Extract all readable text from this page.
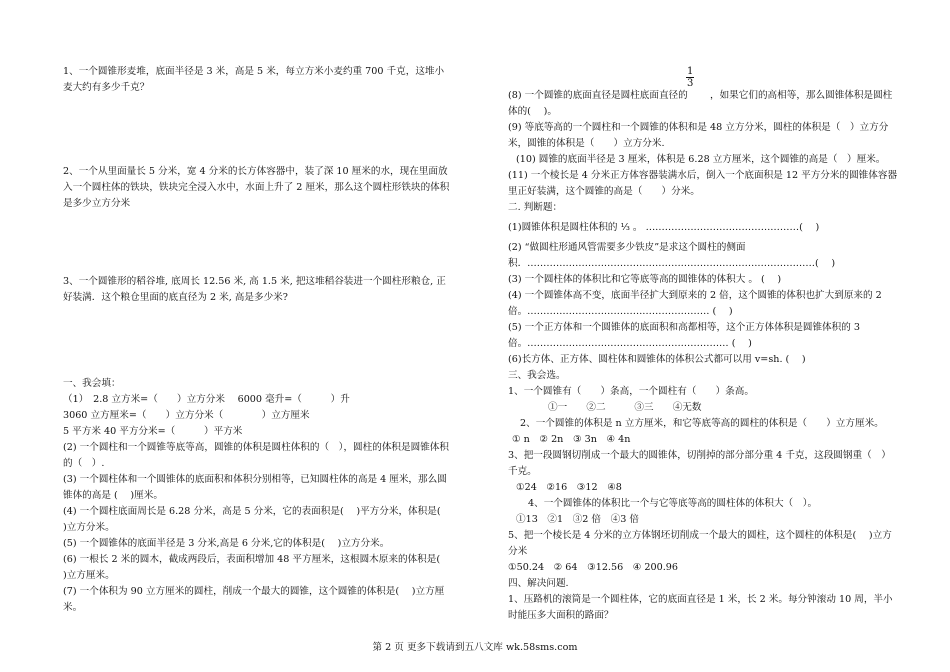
1、一个圆锥形麦堆，底面半径是 3 米，高是 5 米，每立方米小麦约重 700 千克，这堆小麦大约有多少千克？
2、一个从里面量长 5 分米，宽 4 分米的长方体容器中，装了深 10 厘米的水，现在里面放入一个圆柱体的铁块，铁块完全浸入水中，水面上升了 2 厘米，那么这个圆柱形铁块的体积是多少立方分米
3、一个圆锥形的稻谷堆, 底周长 12.56 米, 高 1.5 米, 把这堆稻谷装进一个圆柱形粮仓, 正好装满．这个粮仓里面的底直径为 2 米, 高是多少米?
一、我会填：
（1）　2.8 立方米=（　　）立方分米　 6000 毫升=（　　　）升
3060 立方厘米=（　　）立方分米（　　　　）立方厘米
5 平方米 40 平方分米=（　　　）平方米
(2) 一个圆柱和一个圆锥等底等高，圆锥的体积是圆柱体积的（　），圆柱的体积是圆锥体积的（　）.
(3) 一个圆柱体和一个圆锥体的底面积和体积分别相等，已知圆柱体的高是 4 厘米，那么圆锥体的高是 (　 )厘米。
(4) 一个圆柱底面周长是 6.28 分米，高是 5 分米，它的表面积是(　 )平方分米，体积是(　 )立方分米。
(5) 一个圆锥体的底面半径是 3 分米,高是 6 分米,它的体积是(　 )立方分米。
(6) 一根长 2 米的圆木，截成两段后，表面积增加 48 平方厘米，这根圆木原来的体积是(　 )立方厘米。
(7) 一个体积为 90 立方厘米的圆柱，削成一个最大的圆锥，这个圆锥的体积是(　 )立方厘米。
$\frac{1}{3}$
(8) 一个圆锥的底面直径是圆柱底面直径的 　　，如果它们的高相等，那么圆锥体积是圆柱体的(　 )。
(9) 等底等高的一个圆柱和一个圆锥的体积和是 48 立方分米，圆柱的体积是（　）立方分米，圆锥的体积是（　　）立方分米.
(10) 圆锥的底面半径是 3 厘米，体积是 6.28 立方厘米，这个圆锥的高是（　）厘米。
(11) 一个棱长是 4 分米正方体容器装满水后，倒入一个底面积是 12 平方分米的圆锥体容器里正好装满，这个圆锥的高是（　　）分米。
二. 判断题：
(1)圆锥体积是圆柱体积的 ⅓ 。 …………………………………………( 　)
(2) “做圆柱形通风管需要多少铁皮”是求这个圆柱的侧面积．………………………………………………………………………………(　 )
(3) 一个圆柱体的体积比和它等底等高的圆锥体的体积大 。 (　 )
(4) 一个圆锥体高不变，底面半径扩大到原来的 2 倍，这个圆锥的体积也扩大到原来的 2 倍。………………………………………………… (　 )
(5) 一个正方体和一个圆锥体的底面积和高都相等，这个正方体体积是圆锥体积的 3 倍。……………………………………………………… (　 )
(6)长方体、正方体、圆柱体和圆锥体的体积公式都可以用 v=sh. (　 )
三、我会选。
1、一个圆锥有（　　）条高，一个圆柱有（　　）条高。
①一　　②二　　　③三　　④无数
2、一个圆锥的体积是 n 立方厘米，和它等底等高的圆柱的体积是（　　）立方厘米。
① n　② 2n　③ 3n　④ 4n
3、把一段圆钢切削成一个最大的圆锥体，切削掉的部分部分重 4 千克，这段圆钢重（　）千克。
①24　②16　③12　④8
4、一个圆锥体的体积比一个与它等底等高的圆柱体的体积大（　）。
①13　②1　③2 倍　④3 倍
5、把一个棱长是 4 分米的立方体钢坯切削成一个最大的圆柱，这个圆柱的体积是(　 )立方分米
①50.24　② 64　③12.56　④ 200.96
四、解决问题.
1、压路机的滚筒是一个圆柱体，它的底面直径是 1 米，长 2 米。每分钟滚动 10 周，半小时能压多大面积的路面？
第 2 页 更多下载请到五八文库 wk.58sms.com
